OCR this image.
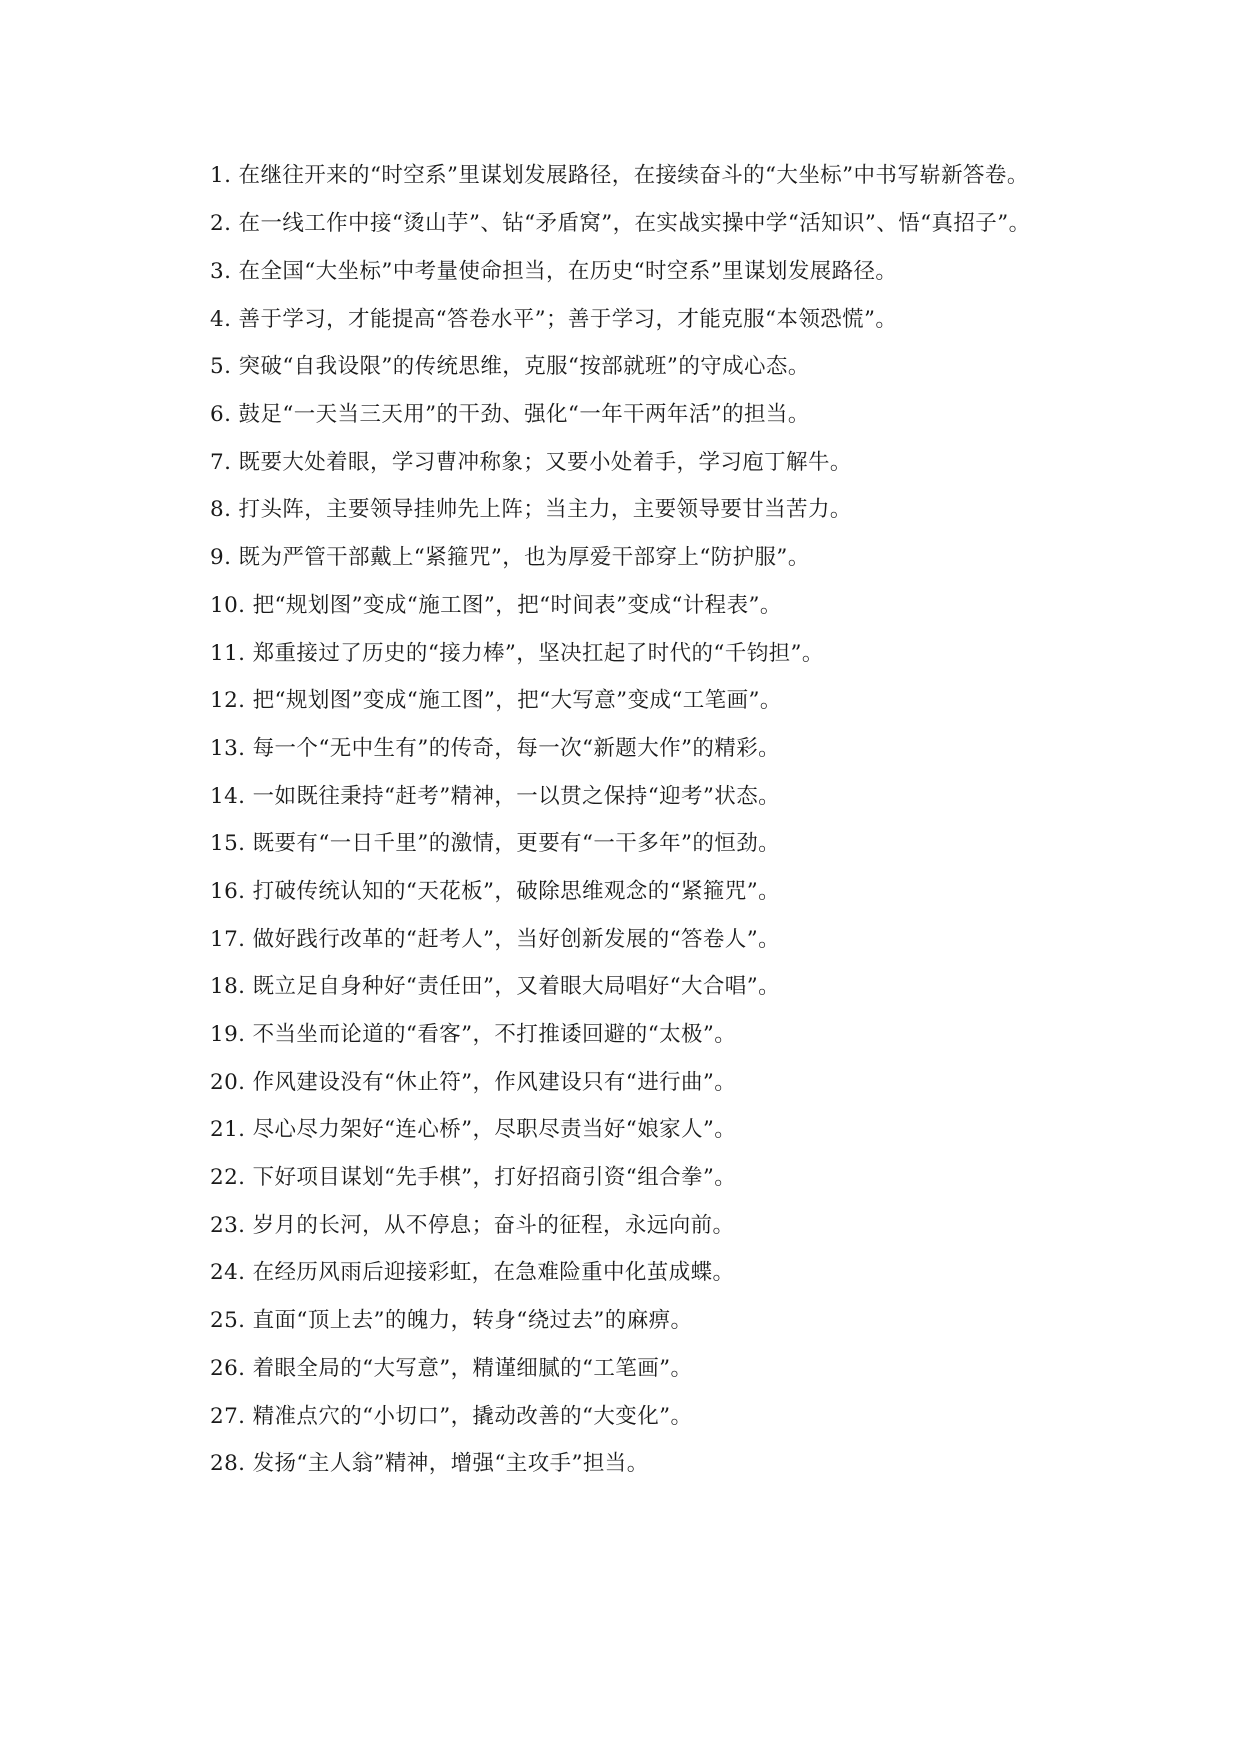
1. 在继往开来的“时空系”里谋划发展路径，在接续奋斗的“大坐标”中书写崭新答卷。

2. 在一线工作中接“烫山芋”、钻“矛盾窝”，在实战实操中学“活知识”、悟“真招子”。

3. 在全国“大坐标”中考量使命担当，在历史“时空系”里谋划发展路径。

4. 善于学习，才能提高“答卷水平”；善于学习，才能克服“本领恐慌”。

5. 突破“自我设限”的传统思维，克服“按部就班”的守成心态。

6. 鼓足“一天当三天用”的干劲、强化“一年干两年活”的担当。

7. 既要大处着眼，学习曹冲称象；又要小处着手，学习庖丁解牛。

8. 打头阵，主要领导挂帅先上阵；当主力，主要领导要甘当苦力。

9. 既为严管干部戴上“紧箍咒”，也为厚爱干部穿上“防护服”。

10. 把“规划图”变成“施工图”，把“时间表”变成“计程表”。

11. 郑重接过了历史的“接力棒”，坚决扛起了时代的“千钧担”。

12. 把“规划图”变成“施工图”，把“大写意”变成“工笔画”。

13. 每一个“无中生有”的传奇，每一次“新题大作”的精彩。

14. 一如既往秉持“赶考”精神，一以贯之保持“迎考”状态。

15. 既要有“一日千里”的激情，更要有“一干多年”的恒劲。

16. 打破传统认知的“天花板”，破除思维观念的“紧箍咒”。

17. 做好践行改革的“赶考人”，当好创新发展的“答卷人”。

18. 既立足自身种好“责任田”，又着眼大局唱好“大合唱”。

19. 不当坐而论道的“看客”，不打推诿回避的“太极”。

20. 作风建设没有“休止符”，作风建设只有“进行曲”。

21. 尽心尽力架好“连心桥”，尽职尽责当好“娘家人”。

22. 下好项目谋划“先手棋”，打好招商引资“组合拳”。

23. 岁月的长河，从不停息；奋斗的征程，永远向前。

24. 在经历风雨后迎接彩虹，在急难险重中化茧成蝶。

25. 直面“顶上去”的魄力，转身“绕过去”的麻痹。

26. 着眼全局的“大写意”，精谨细腻的“工笔画”。

27. 精准点穴的“小切口”，撬动改善的“大变化”。

28. 发扬“主人翁”精神，增强“主攻手”担当。
